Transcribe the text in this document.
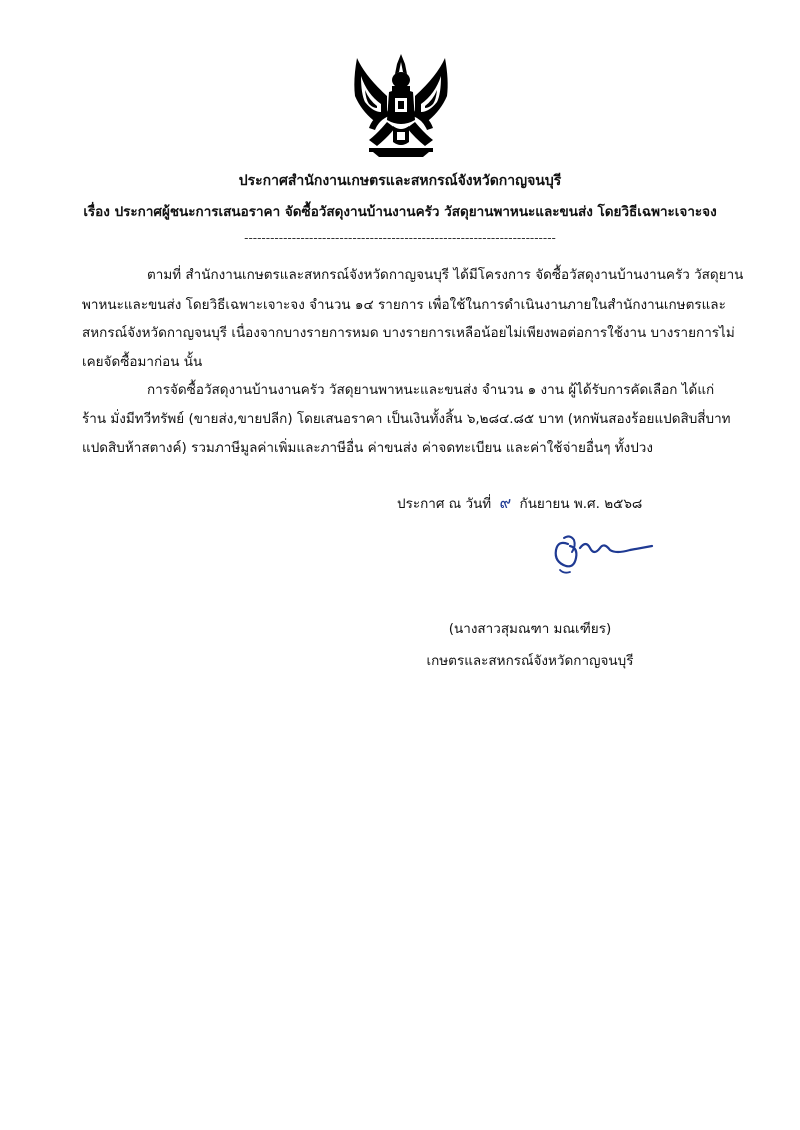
ประกาศสำนักงานเกษตรและสหกรณ์จังหวัดกาญจนบุรี
เรื่อง ประกาศผู้ชนะการเสนอราคา จัดซื้อวัสดุงานบ้านงานครัว วัสดุยานพาหนะและขนส่ง โดยวิธีเฉพาะเจาะจง
------------------------------------------------------------------------
ตามที่ สำนักงานเกษตรและสหกรณ์จังหวัดกาญจนบุรี ได้มีโครงการ จัดซื้อวัสดุงานบ้านงานครัว วัสดุยาน
พาหนะและขนส่ง โดยวิธีเฉพาะเจาะจง จำนวน ๑๔ รายการ เพื่อใช้ในการดำเนินงานภายในสำนักงานเกษตรและ
สหกรณ์จังหวัดกาญจนบุรี เนื่องจากบางรายการหมด บางรายการเหลือน้อยไม่เพียงพอต่อการใช้งาน บางรายการไม่
เคยจัดซื้อมาก่อน นั้น
การจัดซื้อวัสดุงานบ้านงานครัว วัสดุยานพาหนะและขนส่ง จำนวน ๑ งาน ผู้ได้รับการคัดเลือก ได้แก่
ร้าน มั่งมีทวีทรัพย์ (ขายส่ง,ขายปลีก) โดยเสนอราคา เป็นเงินทั้งสิ้น ๖,๒๘๔.๘๕ บาท (หกพันสองร้อยแปดสิบสี่บาท
แปดสิบห้าสตางค์) รวมภาษีมูลค่าเพิ่มและภาษีอื่น ค่าขนส่ง ค่าจดทะเบียน และค่าใช้จ่ายอื่นๆ ทั้งปวง
ประกาศ ณ วันที่ ๙ กันยายน พ.ศ. ๒๕๖๘
(นางสาวสุมณฑา มณเฑียร)
เกษตรและสหกรณ์จังหวัดกาญจนบุรี
